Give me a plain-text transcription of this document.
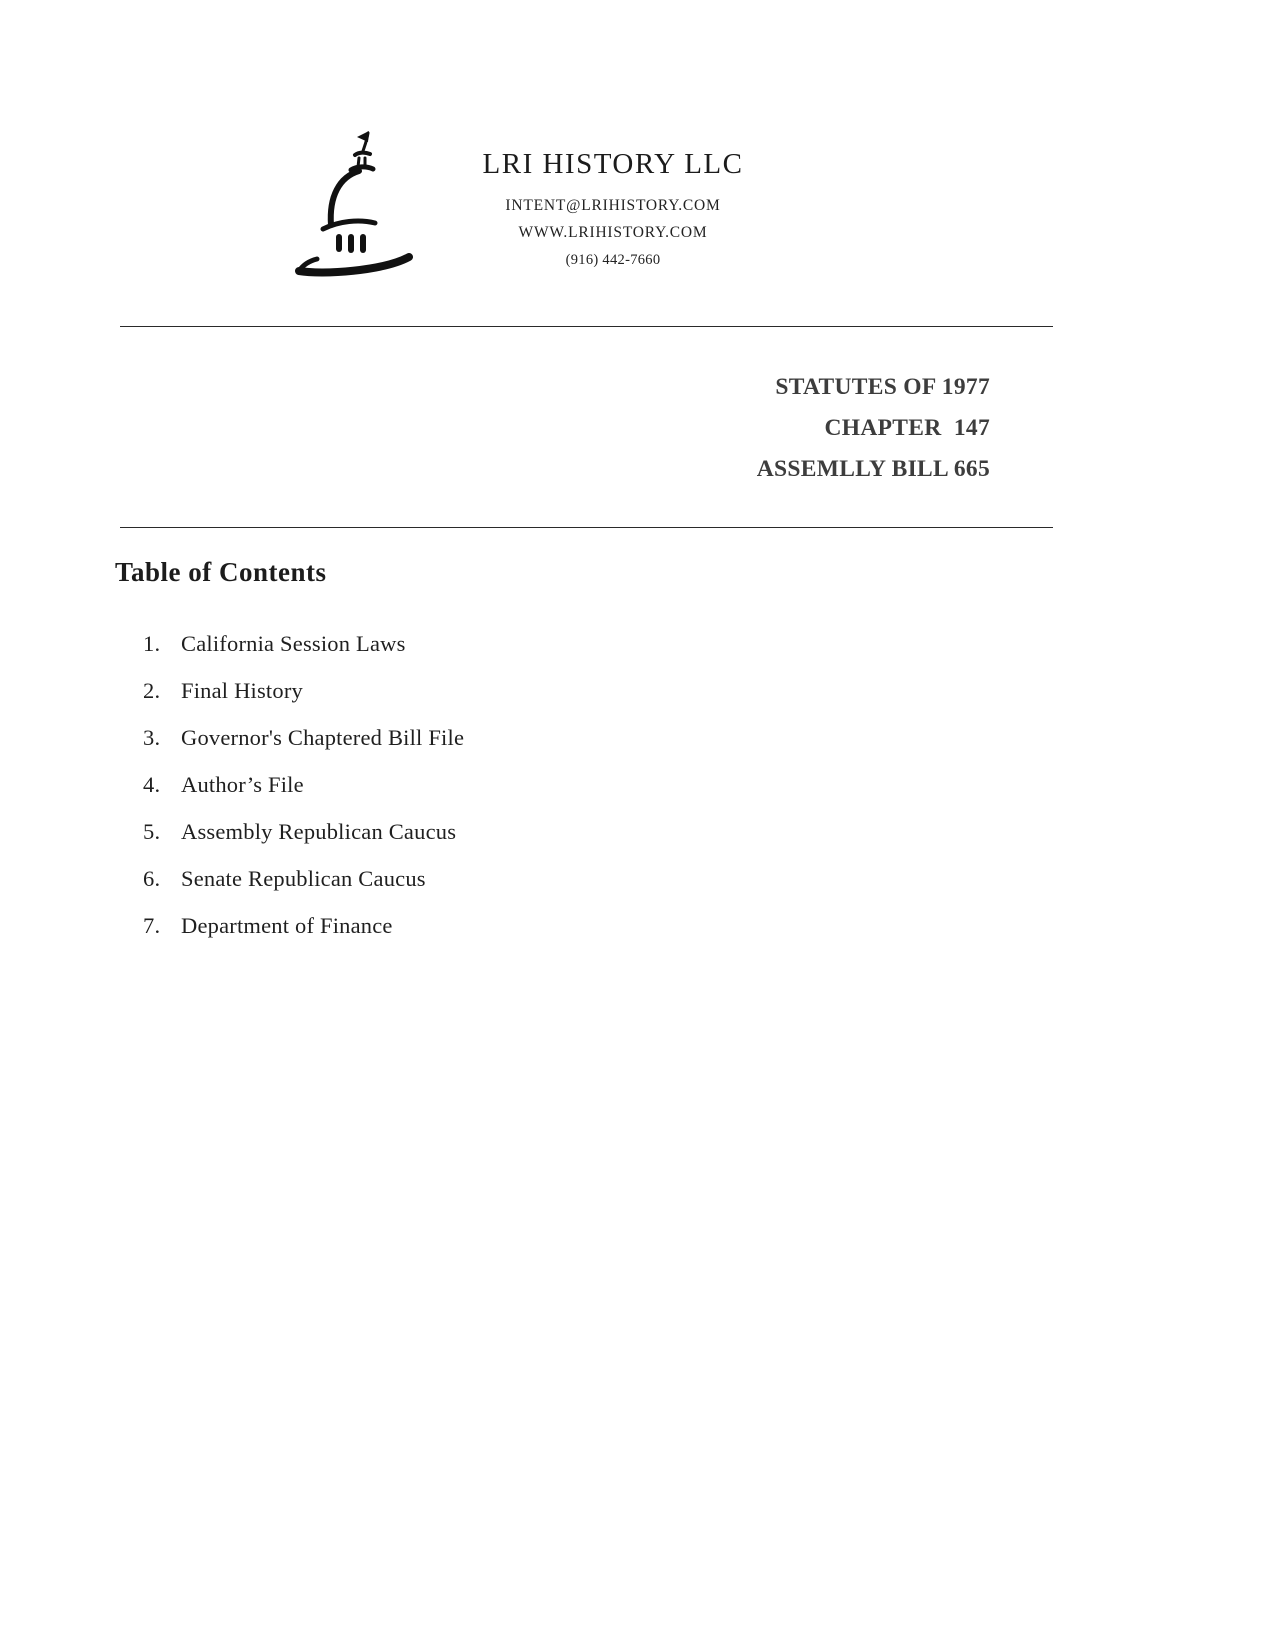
LRI HISTORY LLC
INTENT@LRIHISTORY.COM
WWW.LRIHISTORY.COM
(916) 442-7660
STATUTES OF 1977
CHAPTER  147
ASSEMLLY BILL 665
Table of Contents
1. California Session Laws
2. Final History
3. Governor's Chaptered Bill File
4. Author’s File
5. Assembly Republican Caucus
6. Senate Republican Caucus
7. Department of Finance
